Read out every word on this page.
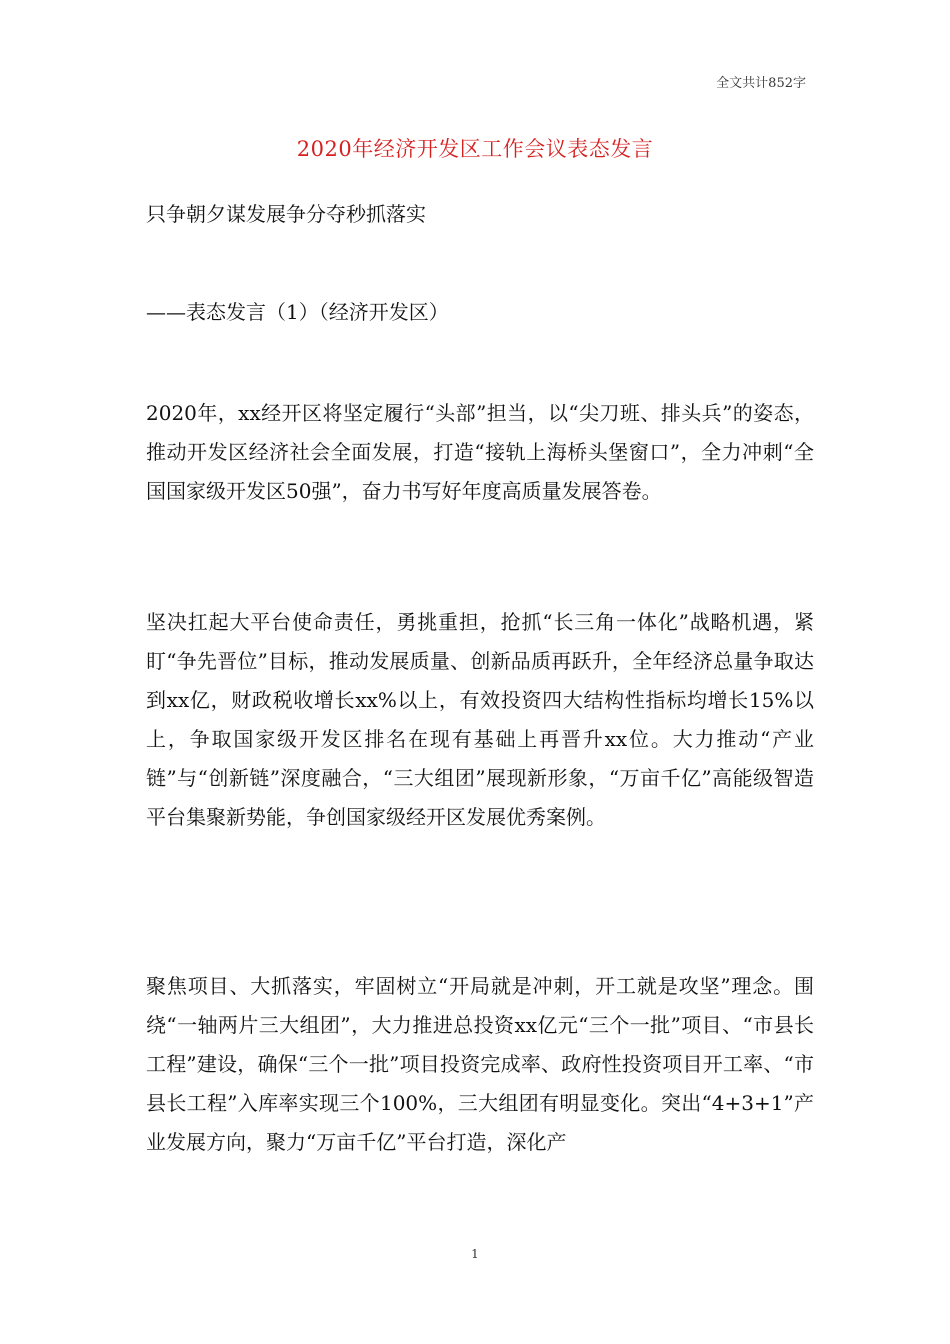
全文共计852字
2020年经济开发区工作会议表态发言
只争朝夕谋发展争分夺秒抓落实
——表态发言（1）（经济开发区）

2020年，xx经开区将坚定履行“头部”担当，以“尖刀班、排头兵”的姿态，推动开发区经济社会全面发展，打造“接轨上海桥头堡窗口”，全力冲刺“全国国家级开发区50强”，奋力书写好年度高质量发展答卷。

坚决扛起大平台使命责任，勇挑重担，抢抓“长三角一体化”战略机遇，紧盯“争先晋位”目标，推动发展质量、创新品质再跃升，全年经济总量争取达到xx亿，财政税收增长xx%以上，有效投资四大结构性指标均增长15%以上，争取国家级开发区排名在现有基础上再晋升xx位。大力推动“产业链”与“创新链”深度融合，“三大组团”展现新形象，“万亩千亿”高能级智造平台集聚新势能，争创国家级经开区发展优秀案例。

聚焦项目、大抓落实，牢固树立“开局就是冲刺，开工就是攻坚”理念。围绕“一轴两片三大组团”，大力推进总投资xx亿元“三个一批”项目、“市县长工程”建设，确保“三个一批”项目投资完成率、政府性投资项目开工率、“市县长工程”入库率实现三个100%，三大组团有明显变化。突出“4+3+1”产业发展方向，聚力“万亩千亿”平台打造，深化产

1
